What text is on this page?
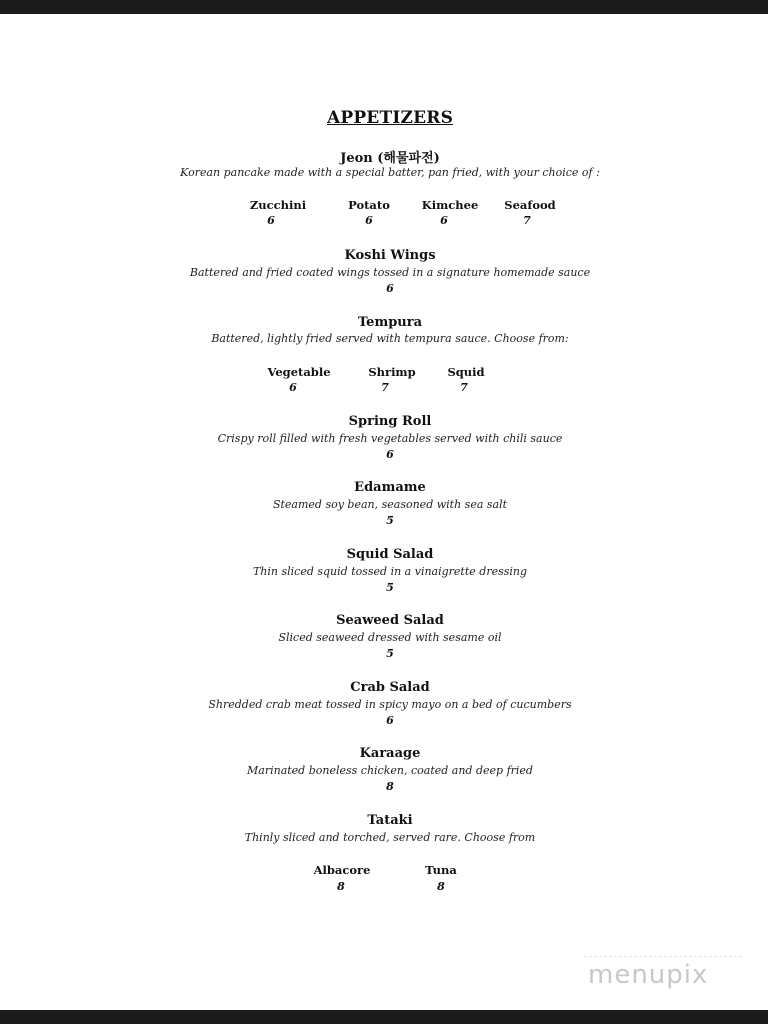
APPETIZERS
Jeon (해물파전)
Korean pancake made with a special batter, pan fried, with your choice of :
Zucchini
6
Potato
6
Kimchee
6
Seafood
7
Koshi Wings
Battered and fried coated wings tossed in a signature homemade sauce
6
Tempura
Battered, lightly fried served with tempura sauce. Choose from:
Vegetable
6
Shrimp
7
Squid
7
Spring Roll
Crispy roll filled with fresh vegetables served with chili sauce
6
Edamame
Steamed soy bean, seasoned with sea salt
5
Squid Salad
Thin sliced squid tossed in a vinaigrette dressing
5
Seaweed Salad
Sliced seaweed dressed with sesame oil
5
Crab Salad
Shredded crab meat tossed in spicy mayo on a bed of cucumbers
6
Karaage
Marinated boneless chicken, coated and deep fried
8
Tataki
Thinly sliced and torched, served rare. Choose from
Albacore
8
Tuna
8
menupix
